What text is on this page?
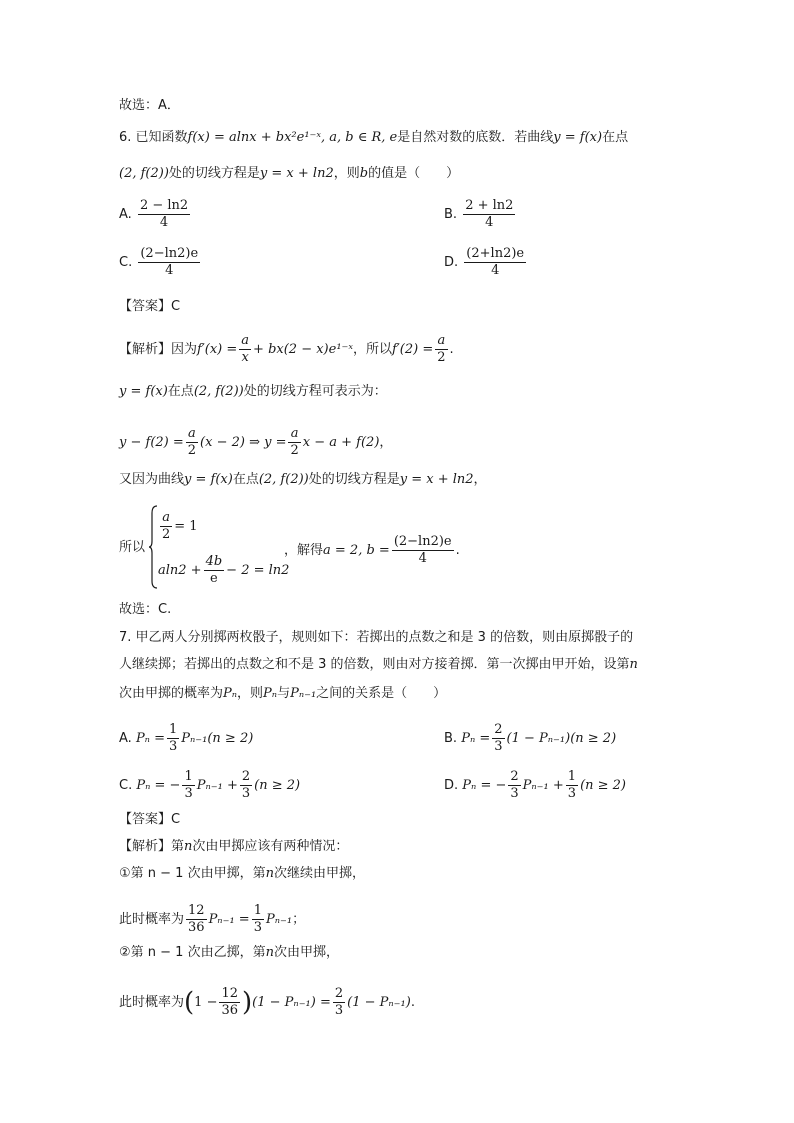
故选：A．
6. 已知函数f(x) = alnx + bx²e¹⁻ˣ, a, b ∈ R, e是自然对数的底数．若曲线y = f(x)在点
(2, f(2))处的切线方程是y = x + ln2，则b的值是（　　）
A. $\frac{2 - \ln 2}{4}$	B. $\frac{2 + \ln 2}{4}$
C. $\frac{(2-\ln 2)e}{4}$	D. $\frac{(2+\ln 2)e}{4}$
【答案】C
【解析】因为$f'(x) = \frac{a}{x} + bx(2$ − x)e¹⁻ˣ，所以$f'(2) = \frac{a}{2}$ .
y = f(x)在点(2, f(2))处的切线方程可表示为：
$y - f(2) = \frac{a}{2} (x - 2)$ ⇒ $y = \frac{a}{2}$ x − a + f(2)，
又因为曲线y = f(x)在点(2, f(2))处的切线方程是y = x + ln2，
所以
$\frac{a}{2} = 1$
$aln2 + \frac{4b}{e} - 2 = \ln 2$
，解得a = 2, $b = \frac{(2-\ln 2)e}{4}$ .
故选：C.
7. 甲乙两人分别掷两枚骰子，规则如下：若掷出的点数之和是 3 的倍数，则由原掷骰子的
人继续掷；若掷出的点数之和不是 3 的倍数，则由对方接着掷．第一次掷由甲开始，设第n
次由甲掷的概率为Pₙ，则Pₙ与Pₙ₋₁之间的关系是（　　）
A. $P_n = \frac{1}{3} P_{n-1}(n \ge 2)$	B. $P_n = \frac{2}{3} (1 - P_{n-1})(n \ge 2)$
C. Pₙ = − $\frac{1}{3} P_{n-1} + \frac{2}{3} (n \ge 2)$	D. Pₙ = − $\frac{2}{3} P_{n-1} + \frac{1}{3} (n \ge 2)$
【答案】C
【解析】第n次由甲掷应该有两种情况：
①第 n − 1 次由甲掷，第n次继续由甲掷，
此时概率为 $\frac{12}{36} P_{n-1} = \frac{1}{3} P_{n-1}$；
②第 n − 1 次由乙掷，第n次由甲掷，
此时概率为$(1 - \frac{12}{36} )(1 - P_{n-1}) = \frac{2}{3} (1 - P_{n-1})$.
